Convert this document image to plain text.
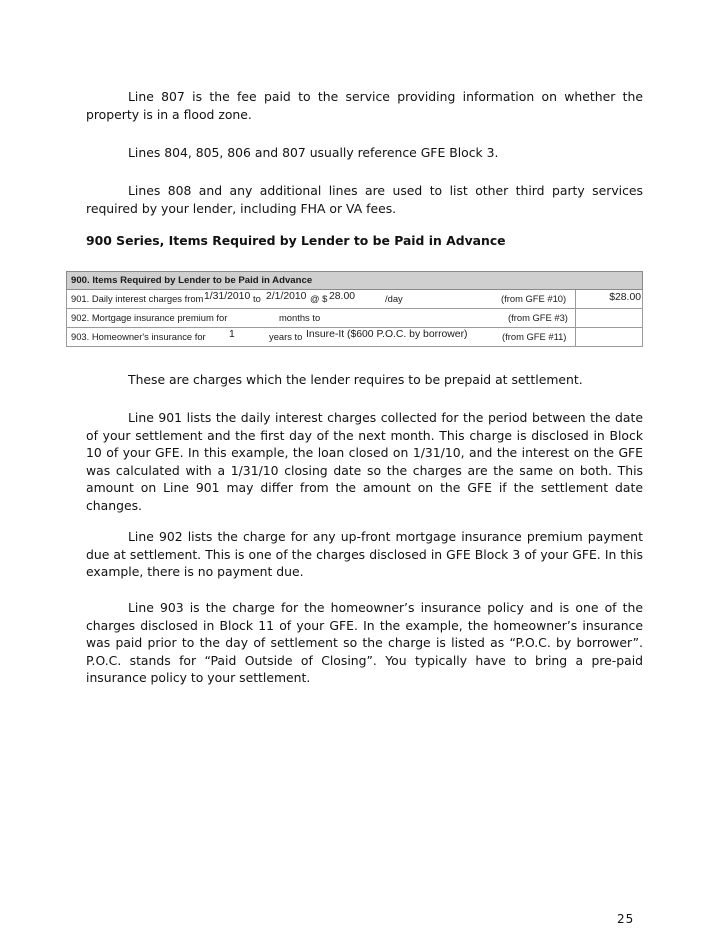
Line 807 is the fee paid to the service providing information on whether the property is in a flood zone.

Lines 804, 805, 806 and 807 usually reference GFE Block 3.

Lines 808 and any additional lines are used to list other third party services required by your lender, including FHA or VA fees.

900 Series, Items Required by Lender to be Paid in Advance

900. Items Required by Lender to be Paid in Advance
901. Daily interest charges from 1/31/2010 to 2/1/2010 @ $ 28.00	/day	(from GFE #10)	$28.00
902. Mortgage insurance premium for	months to	(from GFE #3)
903. Homeowner's insurance for 1	years to Insure-It ($600 P.O.C. by borrower)	(from GFE #11)

These are charges which the lender requires to be prepaid at settlement.

Line 901 lists the daily interest charges collected for the period between the date of your settlement and the first day of the next month. This charge is disclosed in Block 10 of your GFE. In this example, the loan closed on 1/31/10, and the interest on the GFE was calculated with a 1/31/10 closing date so the charges are the same on both. This amount on Line 901 may differ from the amount on the GFE if the settlement date changes.

Line 902 lists the charge for any up-front mortgage insurance premium payment due at settlement. This is one of the charges disclosed in GFE Block 3 of your GFE. In this example, there is no payment due.

Line 903 is the charge for the homeowner’s insurance policy and is one of the charges disclosed in Block 11 of your GFE. In the example, the homeowner’s insurance was paid prior to the day of settlement so the charge is listed as “P.O.C. by borrower”. P.O.C. stands for “Paid Outside of Closing”. You typically have to bring a pre-paid insurance policy to your settlement.

25
